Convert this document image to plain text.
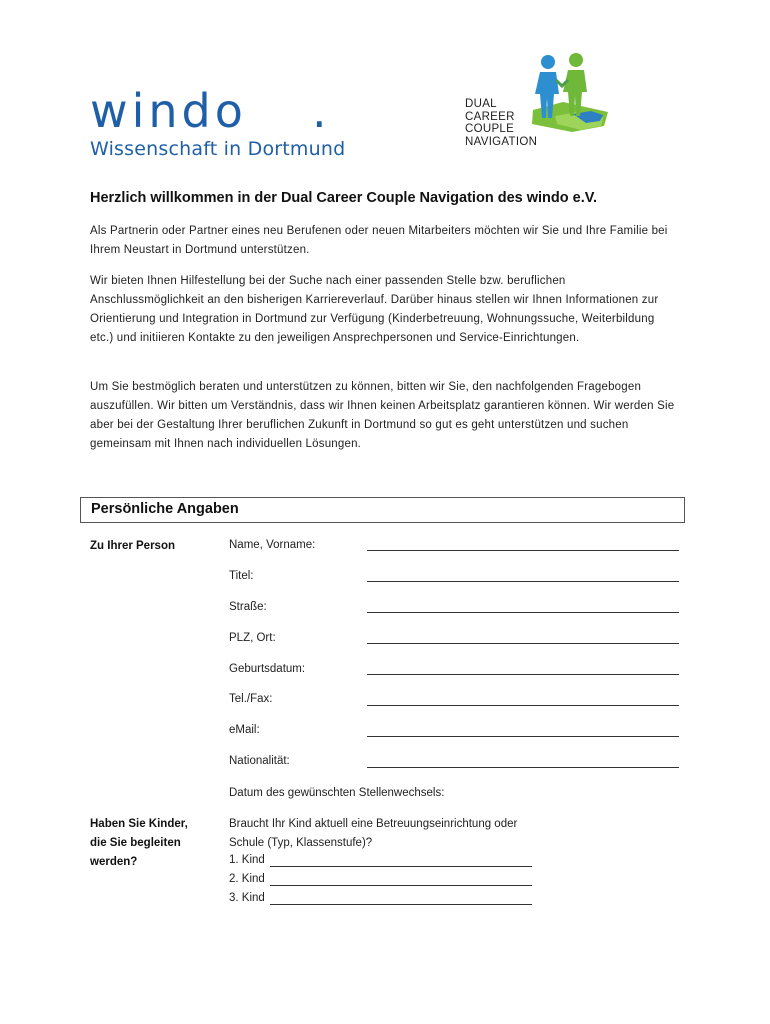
windo	.
Wissenschaft in Dortmund
DUAL
CAREER
COUPLE
NAVIGATION
Herzlich willkommen in der Dual Career Couple Navigation des windo e.V.

Als Partnerin oder Partner eines neu Berufenen oder neuen Mitarbeiters möchten wir Sie und Ihre Familie bei Ihrem Neustart in Dortmund unterstützen.

Wir bieten Ihnen Hilfestellung bei der Suche nach einer passenden Stelle bzw. beruflichen Anschlussmöglichkeit an den bisherigen Karriereverlauf. Darüber hinaus stellen wir Ihnen Informationen zur Orientierung und Integration in Dortmund zur Verfügung (Kinderbetreuung, Wohnungssuche, Weiterbildung etc.) und initiieren Kontakte zu den jeweiligen Ansprechpersonen und Service-Einrichtungen.

Um Sie bestmöglich beraten und unterstützen zu können, bitten wir Sie, den nachfolgenden Fragebogen auszufüllen. Wir bitten um Verständnis, dass wir Ihnen keinen Arbeitsplatz garantieren können. Wir werden Sie aber bei der Gestaltung Ihrer beruflichen Zukunft in Dortmund so gut es geht unterstützen und suchen gemeinsam mit Ihnen nach individuellen Lösungen.

Persönliche Angaben
Zu Ihrer Person	Name, Vorname:
Titel:
Straße:
PLZ, Ort:
Geburtsdatum:
Tel./Fax:
eMail:
Nationalität:
Datum des gewünschten Stellenwechsels:
Haben Sie Kinder,
die Sie begleiten
werden?
Braucht Ihr Kind aktuell eine Betreuungseinrichtung oder
Schule (Typ, Klassenstufe)?
1. Kind
2. Kind
3. Kind
